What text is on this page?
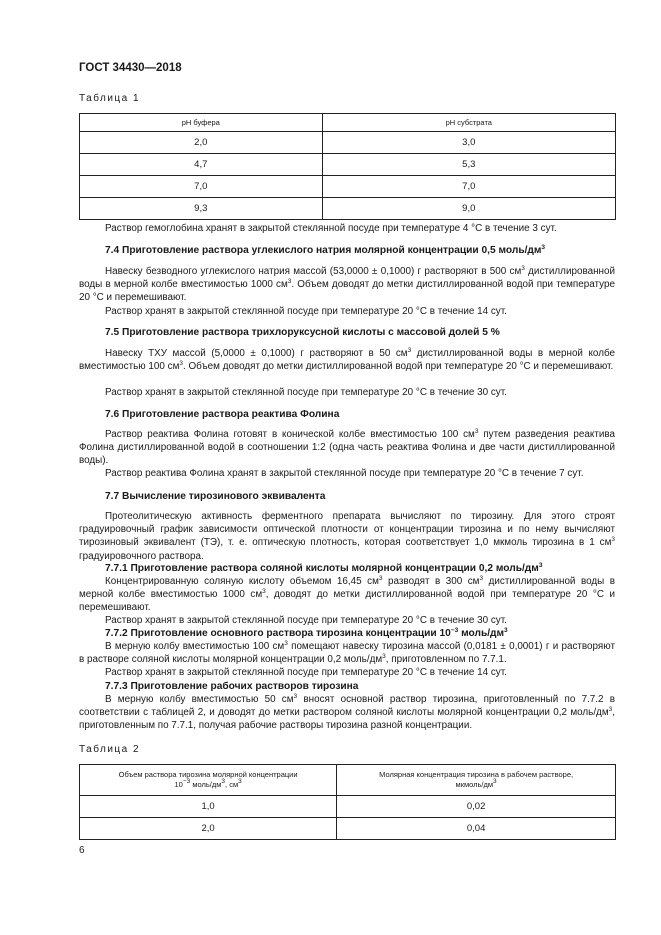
ГОСТ 34430—2018
Таблица 1
рН буфера	рН субстрата
2,0	3,0
4,7	5,3
7,0	7,0
9,3	9,0

Раствор гемоглобина хранят в закрытой стеклянной посуде при температуре 4 °С в течение 3 сут.

7.4 Приготовление раствора углекислого натрия молярной концентрации 0,5 моль/$дм^3$

Навеску безводного углекислого натрия массой (53,0000 ± 0,1000) г растворяют в 500 $см^3$ дистиллированной воды в мерной колбе вместимостью 1000 $см^3$. Объем доводят до метки дистиллированной водой при температуре 20 °С и перемешивают.

Раствор хранят в закрытой стеклянной посуде при температуре 20 °С в течение 14 сут.

7.5 Приготовление раствора трихлоруксусной кислоты с массовой долей 5 %

Навеску ТХУ массой (5,0000 ± 0,1000) г растворяют в 50 $см^3$ дистиллированной воды в мерной колбе вместимостью 100 $см^3$. Объем доводят до метки дистиллированной водой при температуре 20 °С и перемешивают.

Раствор хранят в закрытой стеклянной посуде при температуре 20 °С в течение 30 сут.

7.6 Приготовление раствора реактива Фолина

Раствор реактива Фолина готовят в конической колбе вместимостью 100 $см^3$ путем разведения реактива Фолина дистиллированной водой в соотношении 1:2 (одна часть реактива Фолина и две части дистиллированной воды).

Раствор реактива Фолина хранят в закрытой стеклянной посуде при температуре 20 °С в течение 7 сут.

7.7 Вычисление тирозинового эквивалента

Протеолитическую активность ферментного препарата вычисляют по тирозину. Для этого строят градуировочный график зависимости оптической плотности от концентрации тирозина и по нему вычисляют тирозиновый эквивалент (ТЭ), т. е. оптическую плотность, которая соответствует 1,0 мкмоль тирозина в 1 $см^3$ градуировочного раствора.

7.7.1 Приготовление раствора соляной кислоты молярной концентрации 0,2 моль/$дм^3$

Концентрированную соляную кислоту объемом 16,45 $см^3$ разводят в 300 $см^3$ дистиллированной воды в мерной колбе вместимостью 1000 $см^3$, доводят до метки дистиллированной водой при температуре 20 °С и перемешивают.

Раствор хранят в закрытой стеклянной посуде при температуре 20 °С в течение 30 сут.

7.7.2 Приготовление основного раствора тирозина концентрации $10^{-3}$ моль/$дм^3$

В мерную колбу вместимостью 100 $см^3$ помещают навеску тирозина массой (0,0181 ± 0,0001) г и растворяют в растворе соляной кислоты молярной концентрации 0,2 моль/$дм^3$, приготовленном по 7.7.1.

Раствор хранят в закрытой стеклянной посуде при температуре 20 °С в течение 14 сут.

7.7.3 Приготовление рабочих растворов тирозина

В мерную колбу вместимостью 50 $см^3$ вносят основной раствор тирозина, приготовленный по 7.7.2 в соответствии с таблицей 2, и доводят до метки раствором соляной кислоты молярной концентрации 0,2 моль/$дм^3$, приготовленным по 7.7.1, получая рабочие растворы тирозина разной концентрации.

Таблица 2
Объем раствора тирозина молярной концентрации
$10^{-3}$ моль/$дм^3$, $см^3$	Молярная концентрация тирозина в рабочем растворе,
мкмоль/$дм^3$
1,0	0,02
2,0	0,04
6
